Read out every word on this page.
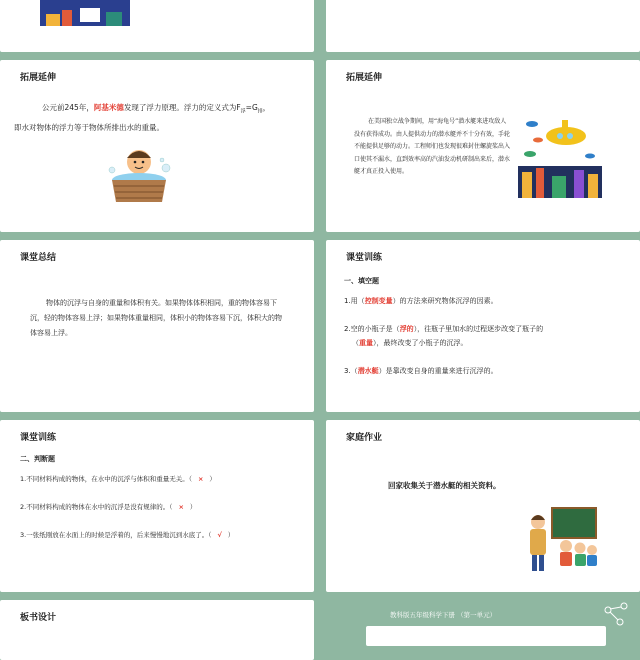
拓展延伸
公元前245年，阿基米德发现了浮力原理。浮力的定义式为$F_浮=G_排$，
即水对物体的浮力等于物体所排出水的重量。
拓展延伸
在美国独立战争期间，用“海龟号”潜水艇来进攻敌人没有获得成功。由人提供动力的潜水艇并不十分有效，手轮不能提供足够的动力。工程师们也发现很难封住螺旋桨出入口使其不漏水，直到效率高的汽油发动机研制出来后，潜水艇才真正投入使用。
课堂总结
物体的沉浮与自身的重量和体积有关。如果物体体积相同，重的物体容易下沉，轻的物体容易上浮；如果物体重量相同，体积小的物体容易下沉，体积大的物体容易上浮。
课堂训练
一、填空题
1.用（控制变量）的方法来研究物体沉浮的因素。
2.空的小瓶子是（浮的），往瓶子里加水的过程逐步改变了瓶子的
（重量），最终改变了小瓶子的沉浮。
3.（潜水艇）是靠改变自身的重量来进行沉浮的。
课堂训练
二、判断题
1.不同材料构成的物体，在水中的沉浮与体积和重量无关。（ × ）
2.不同材料构成的物体在水中的沉浮是没有规律的。（ × ）
3.一张纸刚放在水面上的时候是浮着的，后来慢慢地沉到水底了。（ √ ）
家庭作业
回家收集关于潜水艇的相关资料。
板书设计	教科版五年级科学下册 （第一单元）
